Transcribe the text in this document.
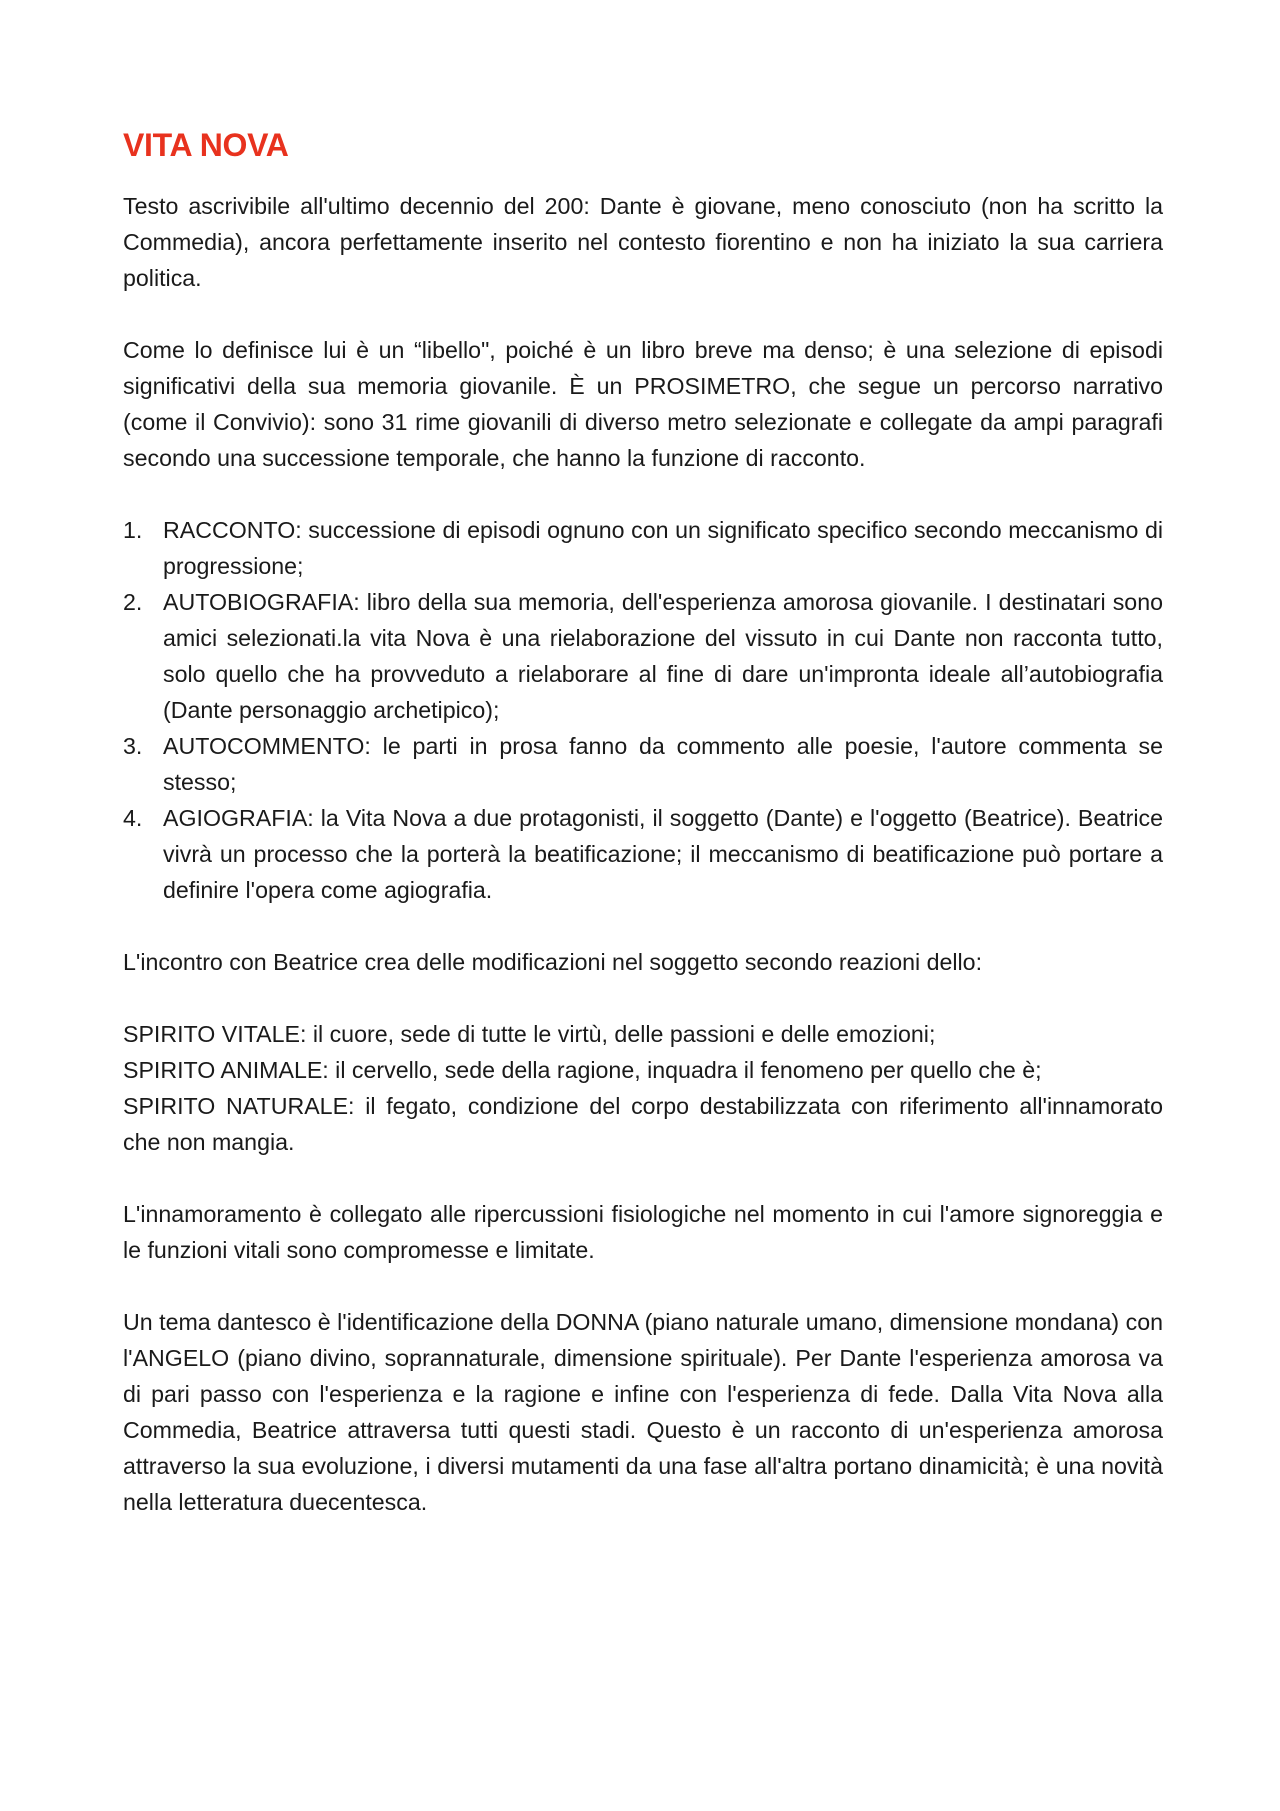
VITA NOVA

Testo ascrivibile all'ultimo decennio del 200: Dante è giovane, meno conosciuto (non ha scritto la Commedia), ancora perfettamente inserito nel contesto fiorentino e non ha iniziato la sua carriera politica.

Come lo definisce lui è un “libello", poiché è un libro breve ma denso; è una selezione di episodi significativi della sua memoria giovanile. È un PROSIMETRO, che segue un percorso narrativo (come il Convivio): sono 31 rime giovanili di diverso metro selezionate e collegate da ampi paragrafi secondo una successione temporale, che hanno la funzione di racconto.

1. RACCONTO: successione di episodi ognuno con un significato specifico secondo meccanismo di progressione;
2. AUTOBIOGRAFIA: libro della sua memoria, dell'esperienza amorosa giovanile. I destinatari sono amici selezionati.la vita Nova è una rielaborazione del vissuto in cui Dante non racconta tutto, solo quello che ha provveduto a rielaborare al fine di dare un'impronta ideale all’autobiografia (Dante personaggio archetipico);
3. AUTOCOMMENTO: le parti in prosa fanno da commento alle poesie, l'autore commenta se stesso;
4. AGIOGRAFIA: la Vita Nova a due protagonisti, il soggetto (Dante) e l'oggetto (Beatrice). Beatrice vivrà un processo che la porterà la beatificazione; il meccanismo di beatificazione può portare a definire l'opera come agiografia.

L'incontro con Beatrice crea delle modificazioni nel soggetto secondo reazioni dello:

SPIRITO VITALE: il cuore, sede di tutte le virtù, delle passioni e delle emozioni;

SPIRITO ANIMALE: il cervello, sede della ragione, inquadra il fenomeno per quello che è;

SPIRITO NATURALE: il fegato, condizione del corpo destabilizzata con riferimento all'innamorato che non mangia.

L'innamoramento è collegato alle ripercussioni fisiologiche nel momento in cui l'amore signoreggia e le funzioni vitali sono compromesse e limitate.

Un tema dantesco è l'identificazione della DONNA (piano naturale umano, dimensione mondana) con l'ANGELO (piano divino, soprannaturale, dimensione spirituale). Per Dante l'esperienza amorosa va di pari passo con l'esperienza e la ragione e infine con l'esperienza di fede. Dalla Vita Nova alla Commedia, Beatrice attraversa tutti questi stadi. Questo è un racconto di un'esperienza amorosa attraverso la sua evoluzione, i diversi mutamenti da una fase all'altra portano dinamicità; è una novità nella letteratura duecentesca.
